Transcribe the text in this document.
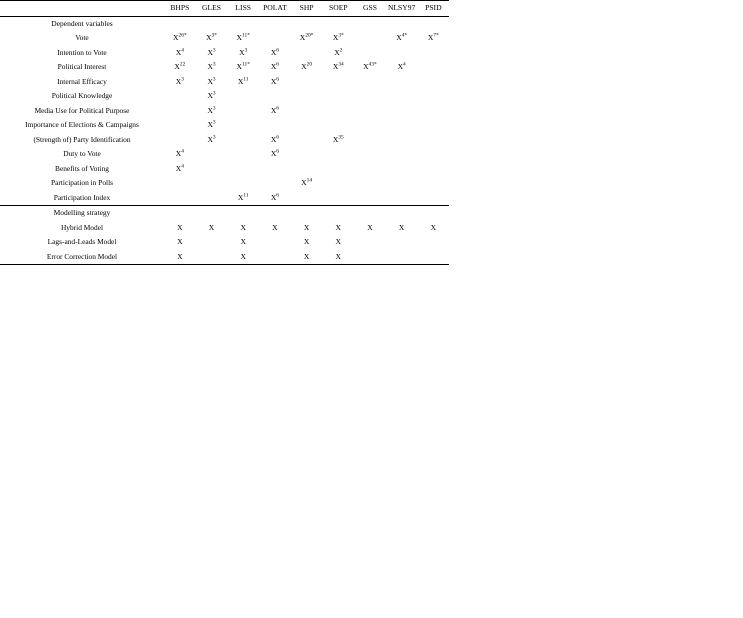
	BHPS	GLES	LISS	POLAT	SHP	SOEP	GSS	NLSY97	PSID
Dependent variables									
Vote	$X^{26*}$	$X^{3*}$	$X^{11*}$		$X^{20*}$	$X^{3*}$		$X^{4*}$	$X^{7*}$
Intention to Vote	$X^4$	$X^3$	$X^3$	$X^6$		$X^2$			
Political Interest	$X^{22}$	$X^3$	$X^{11*}$	$X^6$	$X^{20}$	$X^{34}$	$X^{43*}$	$X^4$	
Internal Efficacy	$X^3$	$X^3$	$X^{11}$	$X^6$					
Political Knowledge		$X^3$							
Media Use for Political Purpose		$X^3$		$X^6$					
Importance of Elections & Campaigns		$X^3$							
(Strength of) Party Identification		$X^3$		$X^6$		$X^{35}$			
Duty to Vote	$X^4$			$X^6$					
Benefits of Voting	$X^4$								
Participation in Polls					$X^{14}$				
Participation Index			$X^{11}$	$X^6$					
Modelling strategy									
Hybrid Model	X	X	X	X	X	X	X	X	X
Lags-and-Leads Model	X		X		X	X			
Error Correction Model	X		X		X	X			
